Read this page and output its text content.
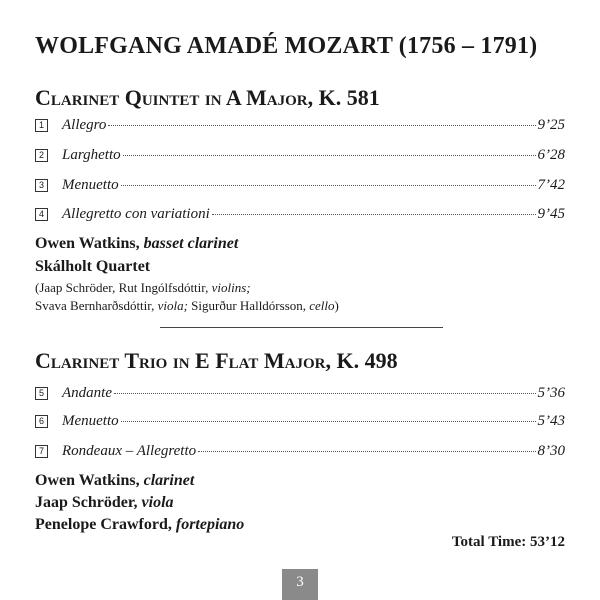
WOLFGANG AMADÉ MOZART (1756 – 1791)
Clarinet Quintet in A Major, K. 581
1 Allegro	9’25
2 Larghetto	6’28
3 Menuetto	7’42
4 Allegretto con variationi	9’45
Owen Watkins, basset clarinet
Skálholt Quartet
(Jaap Schröder, Rut Ingólfsdóttir, violins;
Svava Bernharðsdóttir, viola; Sigurður Halldórsson, cello)
Clarinet Trio in E Flat Major, K. 498
5 Andante	5’36
6 Menuetto	5’43
7 Rondeaux – Allegretto	8’30
Owen Watkins, clarinet
Jaap Schröder, viola
Penelope Crawford, fortepiano
Total Time: 53’12
3
